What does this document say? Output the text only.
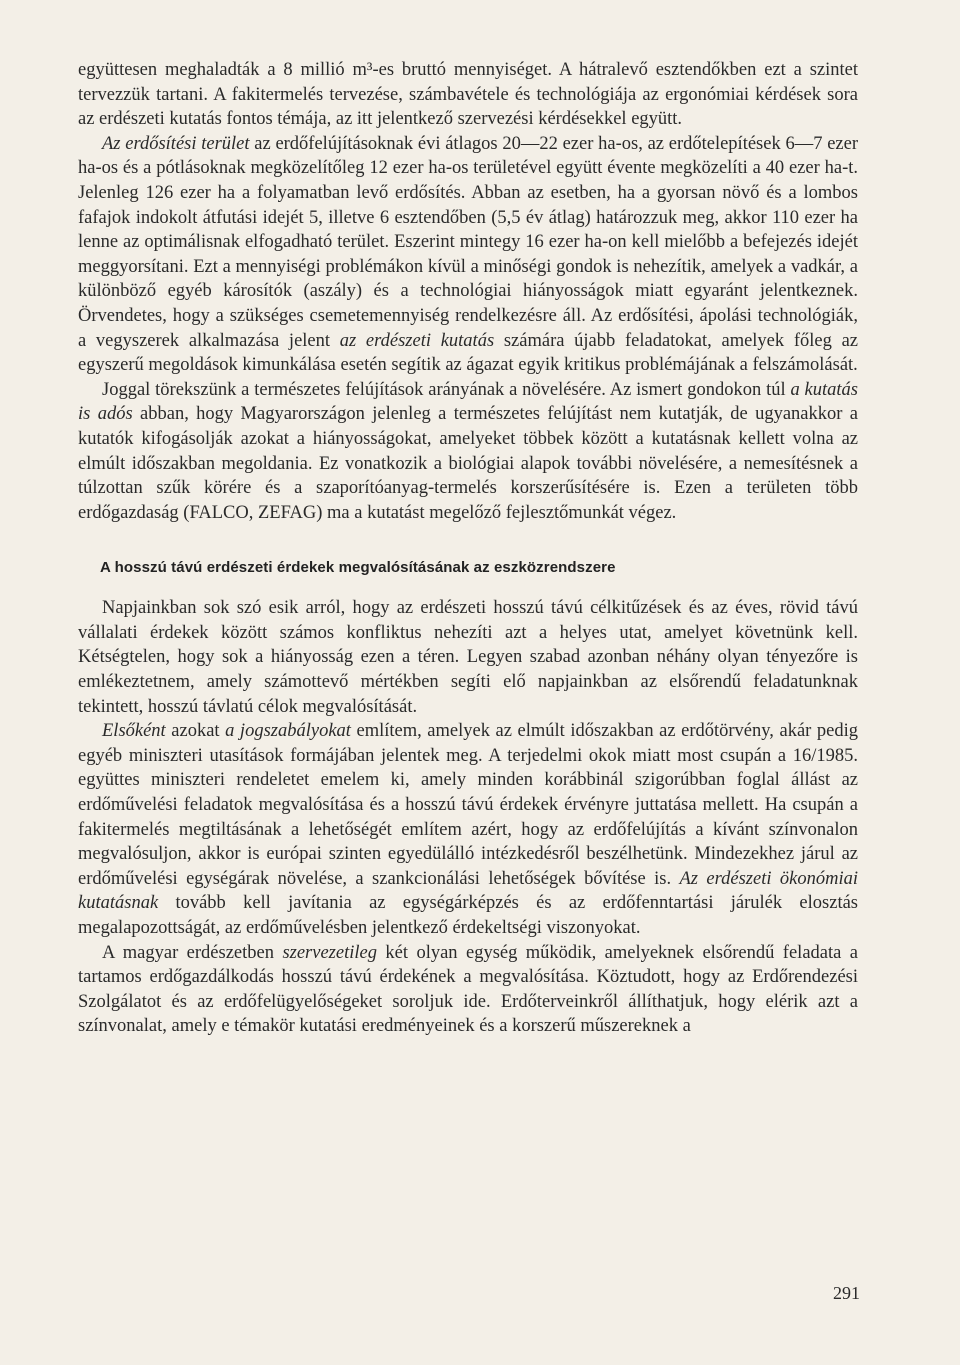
együttesen meghaladták a 8 millió m³-es bruttó mennyiséget. A hátralevő esztendőkben ezt a szintet tervezzük tartani. A fakitermelés tervezése, számbavétele és technológiája az ergonómiai kérdések sora az erdészeti kutatás fontos témája, az itt jelentkező szervezési kérdésekkel együtt.

Az erdősítési terület az erdőfelújításoknak évi átlagos 20—22 ezer ha-os, az erdőtelepítések 6—7 ezer ha-os és a pótlásoknak megközelítőleg 12 ezer ha-os területével együtt évente megközelíti a 40 ezer ha-t. Jelenleg 126 ezer ha a folyamatban levő erdősítés. Abban az esetben, ha a gyorsan növő és a lombos fafajok indokolt átfutási idejét 5, illetve 6 esztendőben (5,5 év átlag) határozzuk meg, akkor 110 ezer ha lenne az optimálisnak elfogadható terület. Eszerint mintegy 16 ezer ha-on kell mielőbb a befejezés idejét meggyorsítani. Ezt a mennyiségi problémákon kívül a minőségi gondok is nehezítik, amelyek a vadkár, a különböző egyéb károsítók (aszály) és a technológiai hiányosságok miatt egyaránt jelentkeznek. Örvendetes, hogy a szükséges csemetemennyiség rendelkezésre áll. Az erdősítési, ápolási technológiák, a vegyszerek alkalmazása jelent az erdészeti kutatás számára újabb feladatokat, amelyek főleg az egyszerű megoldások kimunkálása esetén segítik az ágazat egyik kritikus problémájának a felszámolását.

Joggal törekszünk a természetes felújítások arányának a növelésére. Az ismert gondokon túl a kutatás is adós abban, hogy Magyarországon jelenleg a természetes felújítást nem kutatják, de ugyanakkor a kutatók kifogásolják azokat a hiányosságokat, amelyeket többek között a kutatásnak kellett volna az elmúlt időszakban megoldania. Ez vonatkozik a biológiai alapok további növelésére, a nemesítésnek a túlzottan szűk körére és a szaporítóanyag-termelés korszerűsítésére is. Ezen a területen több erdőgazdaság (FALCO, ZEFAG) ma a kutatást megelőző fejlesztőmunkát végez.

A hosszú távú erdészeti érdekek megvalósításának az eszközrendszere

Napjainkban sok szó esik arról, hogy az erdészeti hosszú távú célkitűzések és az éves, rövid távú vállalati érdekek között számos konfliktus nehezíti azt a helyes utat, amelyet követnünk kell. Kétségtelen, hogy sok a hiányosság ezen a téren. Legyen szabad azonban néhány olyan tényezőre is emlékeztetnem, amely számottevő mértékben segíti elő napjainkban az elsőrendű feladatunknak tekintett, hosszú távlatú célok megvalósítását.

Elsőként azokat a jogszabályokat említem, amelyek az elmúlt időszakban az erdőtörvény, akár pedig egyéb miniszteri utasítások formájában jelentek meg. A terjedelmi okok miatt most csupán a 16/1985. együttes miniszteri rendeletet emelem ki, amely minden korábbinál szigorúbban foglal állást az erdőművelési feladatok megvalósítása és a hosszú távú érdekek érvényre juttatása mellett. Ha csupán a fakitermelés megtiltásának a lehetőségét említem azért, hogy az erdőfelújítás a kívánt színvonalon megvalósuljon, akkor is európai szinten egyedülálló intézkedésről beszélhetünk. Mindezekhez járul az erdőművelési egységárak növelése, a szankcionálási lehetőségek bővítése is. Az erdészeti ökonómiai kutatásnak tovább kell javítania az egységárképzés és az erdőfenntartási járulék elosztás megalapozottságát, az erdőművelésben jelentkező érdekeltségi viszonyokat.

A magyar erdészetben szervezetileg két olyan egység működik, amelyeknek elsőrendű feladata a tartamos erdőgazdálkodás hosszú távú érdekének a megvalósítása. Köztudott, hogy az Erdőrendezési Szolgálatot és az erdőfelügyelőségeket soroljuk ide. Erdőterveinkről állíthatjuk, hogy elérik azt a színvonalat, amely e témakör kutatási eredményeinek és a korszerű műszereknek a

291
